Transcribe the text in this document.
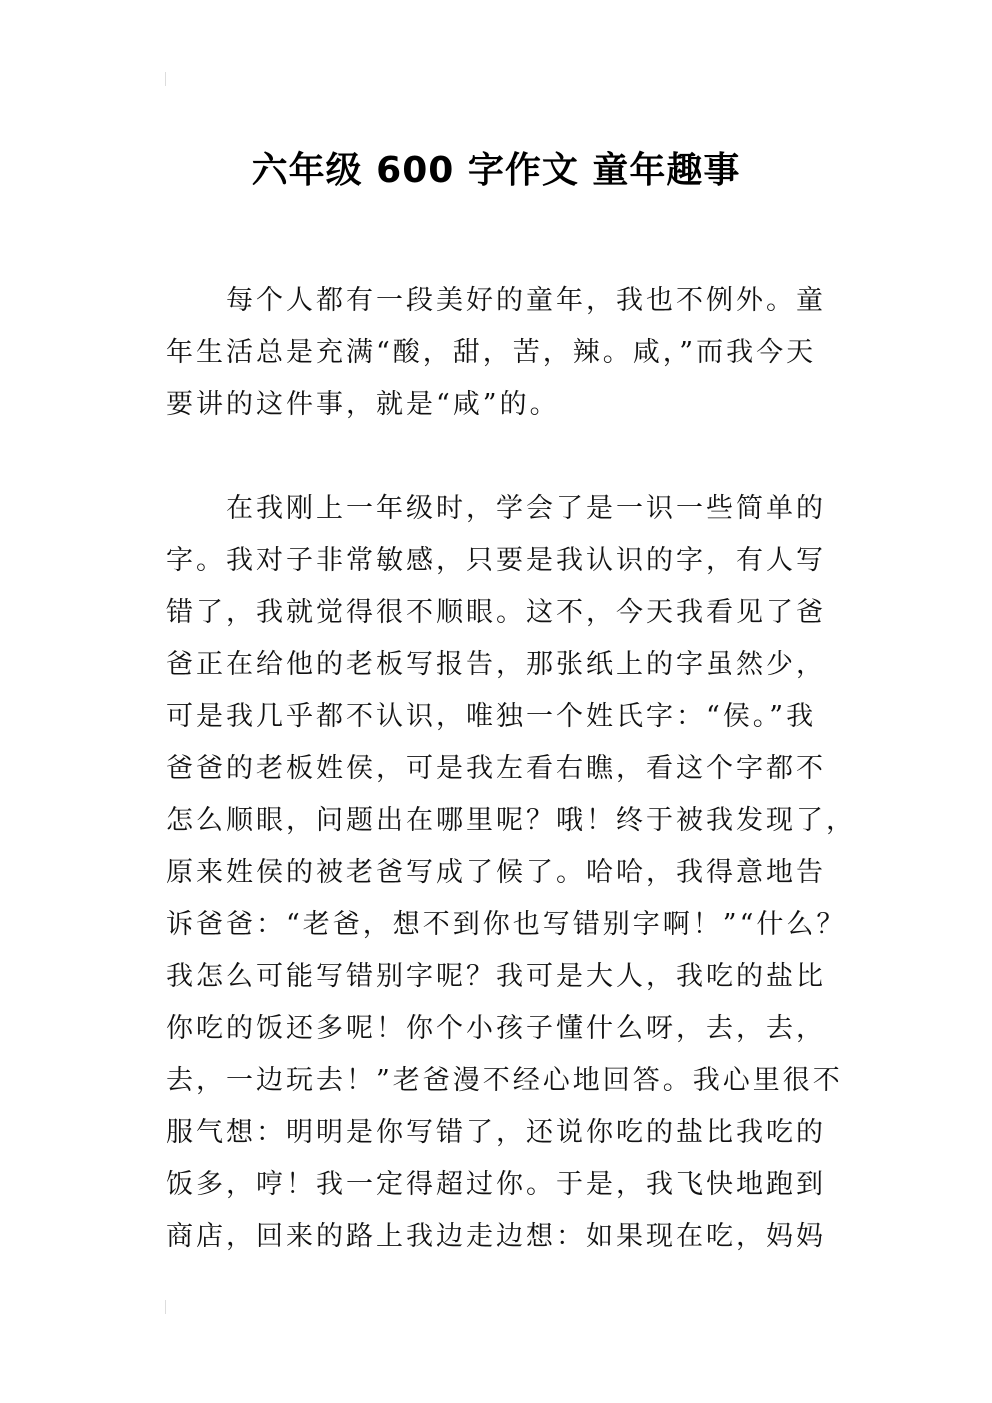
六年级 600 字作文 童年趣事
每个人都有一段美好的童年，我也不例外。童
年生活总是充满“酸，甜，苦，辣。咸，”而我今天
要讲的这件事，就是“咸”的。
在我刚上一年级时，学会了是一识一些简单的
字。我对子非常敏感，只要是我认识的字，有人写
错了，我就觉得很不顺眼。这不，今天我看见了爸
爸正在给他的老板写报告，那张纸上的字虽然少，
可是我几乎都不认识，唯独一个姓氏字：“侯。”我
爸爸的老板姓侯，可是我左看右瞧，看这个字都不
怎么顺眼，问题出在哪里呢？哦！终于被我发现了，
原来姓侯的被老爸写成了候了。哈哈，我得意地告
诉爸爸：“老爸，想不到你也写错别字啊！”“什么？
我怎么可能写错别字呢？我可是大人，我吃的盐比
你吃的饭还多呢！你个小孩子懂什么呀，去，去，
去，一边玩去！”老爸漫不经心地回答。我心里很不
服气想：明明是你写错了，还说你吃的盐比我吃的
饭多，哼！我一定得超过你。于是，我飞快地跑到
商店，回来的路上我边走边想：如果现在吃，妈妈
